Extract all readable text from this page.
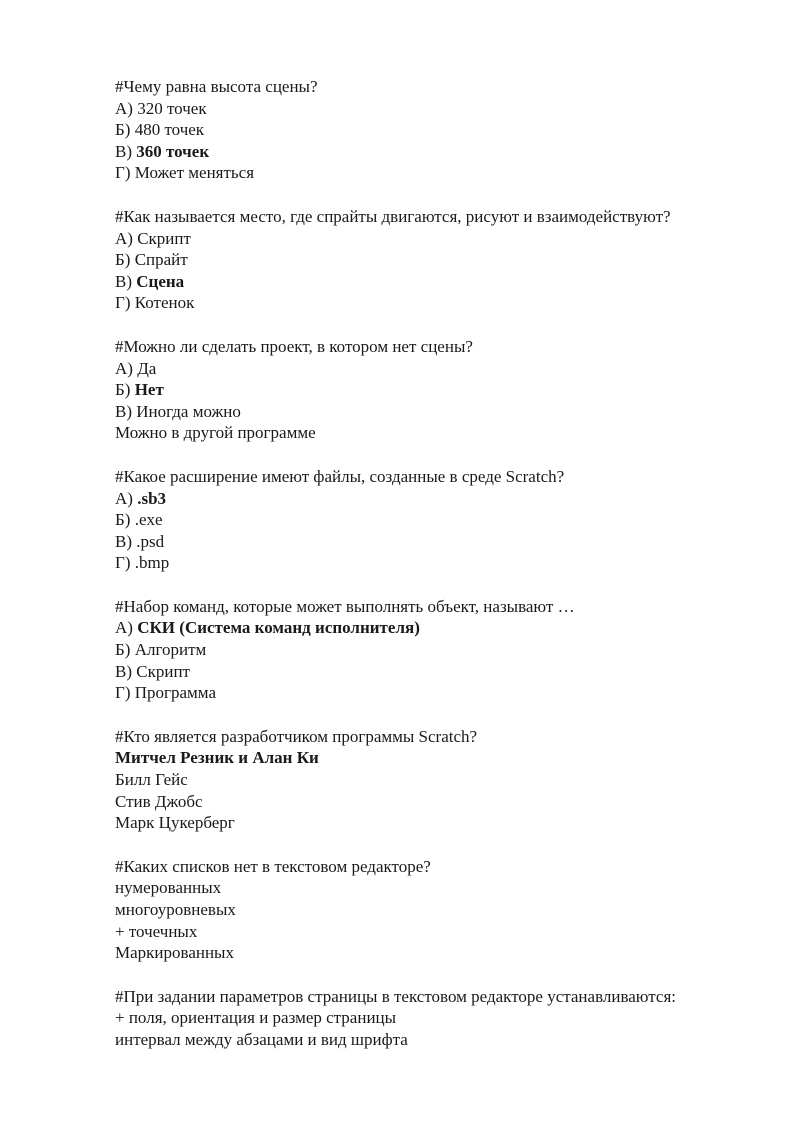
#Чему равна высота сцены?
А) 320 точек
Б) 480 точек
В) 360 точек
Г) Может меняться
#Как называется место, где спрайты двигаются, рисуют и взаимодействуют?
А) Скрипт
Б) Спрайт
В) Сцена
Г) Котенок
#Можно ли сделать проект, в котором нет сцены?
А) Да
Б) Нет
В) Иногда можно
Можно в другой программе
#Какое расширение имеют файлы, созданные в среде Scratch?
А) .sb3
Б) .exe
В) .psd
Г) .bmp
#Набор команд, которые может выполнять объект, называют …
А) СКИ (Система команд исполнителя)
Б) Алгоритм
В) Скрипт
Г) Программа
#Кто является разработчиком программы Scratch?
Митчел Резник и Алан Ки
Билл Гейс
Стив Джобс
Марк Цукерберг
#Каких списков нет в текстовом редакторе?
нумерованных
многоуровневых
+ точечных
Маркированных
#При задании параметров страницы в текстовом редакторе устанавливаются:
+ поля, ориентация и размер страницы
интервал между абзацами и вид шрифта
